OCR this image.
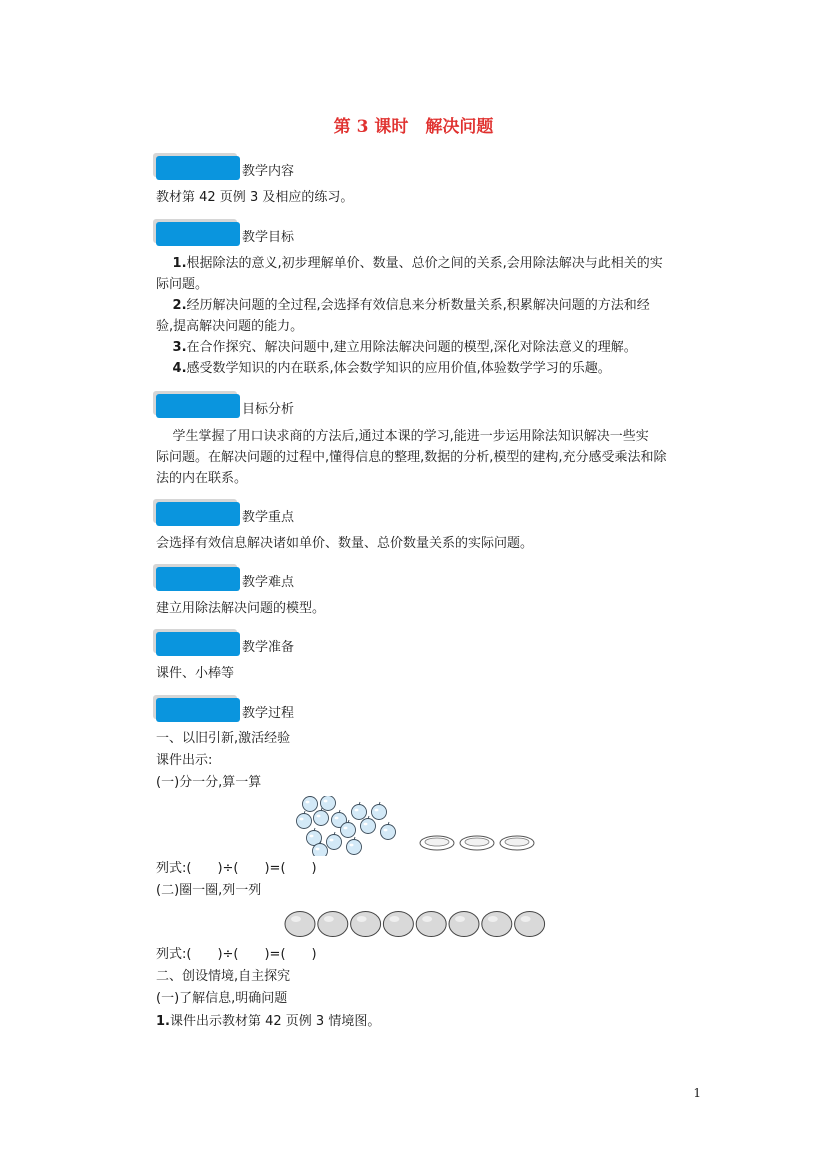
第 3 课时　解决问题
教学内容
教材第 42 页例 3 及相应的练习。
教学目标
1.根据除法的意义,初步理解单价、数量、总价之间的关系,会用除法解决与此相关的实
际问题。
2.经历解决问题的全过程,会选择有效信息来分析数量关系,积累解决问题的方法和经
验,提高解决问题的能力。
3.在合作探究、解决问题中,建立用除法解决问题的模型,深化对除法意义的理解。
4.感受数学知识的内在联系,体会数学知识的应用价值,体验数学学习的乐趣。
目标分析
学生掌握了用口诀求商的方法后,通过本课的学习,能进一步运用除法知识解决一些实
际问题。在解决问题的过程中,懂得信息的整理,数据的分析,模型的建构,充分感受乘法和除
法的内在联系。
教学重点
会选择有效信息解决诸如单价、数量、总价数量关系的实际问题。
教学难点
建立用除法解决问题的模型。
教学准备
课件、小棒等
教学过程
一、以旧引新,激活经验
课件出示:
(一)分一分,算一算
列式:(　　)÷(　　)=(　　)
(二)圈一圈,列一列
列式:(　　)÷(　　)=(　　)
二、创设情境,自主探究
(一)了解信息,明确问题
1.课件出示教材第 42 页例 3 情境图。
1
